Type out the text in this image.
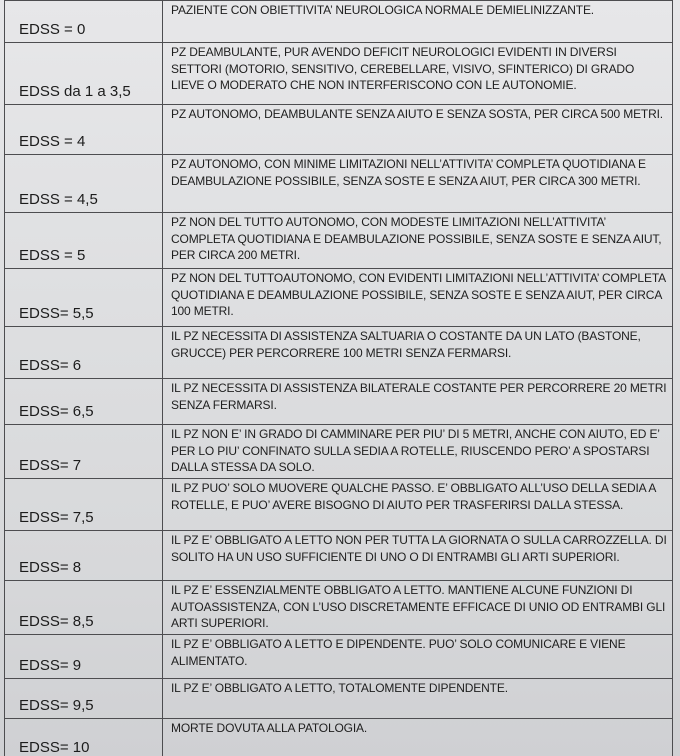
EDSS = 0
PAZIENTE CON OBIETTIVITA’ NEUROLOGICA NORMALE DEMIELINIZZANTE.
EDSS da 1 a 3,5
PZ DEAMBULANTE, PUR AVENDO DEFICIT NEUROLOGICI EVIDENTI IN DIVERSI SETTORI (MOTORIO, SENSITIVO, CEREBELLARE, VISIVO, SFINTERICO) DI GRADO LIEVE O MODERATO CHE NON INTERFERISCONO CON LE AUTONOMIE.
EDSS = 4
PZ AUTONOMO, DEAMBULANTE SENZA AIUTO E SENZA SOSTA, PER CIRCA 500 METRI.
EDSS = 4,5
PZ AUTONOMO, CON MINIME LIMITAZIONI NELL’ATTIVITA’ COMPLETA QUOTIDIANA E DEAMBULAZIONE POSSIBILE, SENZA SOSTE E SENZA AIUT, PER CIRCA 300 METRI.
EDSS = 5
PZ NON DEL TUTTO AUTONOMO, CON MODESTE LIMITAZIONI NELL’ATTIVITA’ COMPLETA QUOTIDIANA E DEAMBULAZIONE POSSIBILE, SENZA SOSTE E SENZA AIUT, PER CIRCA 200 METRI.
EDSS= 5,5
PZ NON DEL TUTTOAUTONOMO, CON EVIDENTI LIMITAZIONI NELL’ATTIVITA’ COMPLETA QUOTIDIANA E DEAMBULAZIONE POSSIBILE, SENZA SOSTE E SENZA AIUT, PER CIRCA 100 METRI.
EDSS= 6
IL PZ NECESSITA DI ASSISTENZA SALTUARIA O COSTANTE DA UN LATO (BASTONE, GRUCCE) PER PERCORRERE 100 METRI SENZA FERMARSI.
EDSS= 6,5
IL PZ NECESSITA DI ASSISTENZA BILATERALE COSTANTE PER PERCORRERE 20 METRI SENZA FERMARSI.
EDSS= 7
IL PZ NON E’ IN GRADO DI CAMMINARE PER PIU’ DI 5 METRI, ANCHE CON AIUTO, ED E’ PER LO PIU’ CONFINATO SULLA SEDIA A ROTELLE, RIUSCENDO PERO’ A SPOSTARSI DALLA STESSA DA SOLO.
EDSS= 7,5
IL PZ PUO’ SOLO MUOVERE QUALCHE PASSO. E’ OBBLIGATO ALL’USO DELLA SEDIA A ROTELLE, E PUO’ AVERE BISOGNO DI AIUTO PER TRASFERIRSI DALLA STESSA.
EDSS= 8
IL PZ E’ OBBLIGATO A LETTO NON PER TUTTA LA GIORNATA O SULLA CARROZZELLA. DI SOLITO HA UN USO SUFFICIENTE DI UNO O DI ENTRAMBI GLI ARTI SUPERIORI.
EDSS= 8,5
IL PZ E’ ESSENZIALMENTE OBBLIGATO A LETTO. MANTIENE ALCUNE FUNZIONI DI AUTOASSISTENZA, CON L’USO DISCRETAMENTE EFFICACE DI UNIO OD ENTRAMBI GLI ARTI SUPERIORI.
EDSS= 9
IL PZ E’ OBBLIGATO A LETTO E DIPENDENTE. PUO’ SOLO COMUNICARE E VIENE ALIMENTATO.
EDSS= 9,5
IL PZ E’ OBBLIGATO A LETTO, TOTALOMENTE DIPENDENTE.
EDSS= 10
MORTE DOVUTA ALLA PATOLOGIA.
